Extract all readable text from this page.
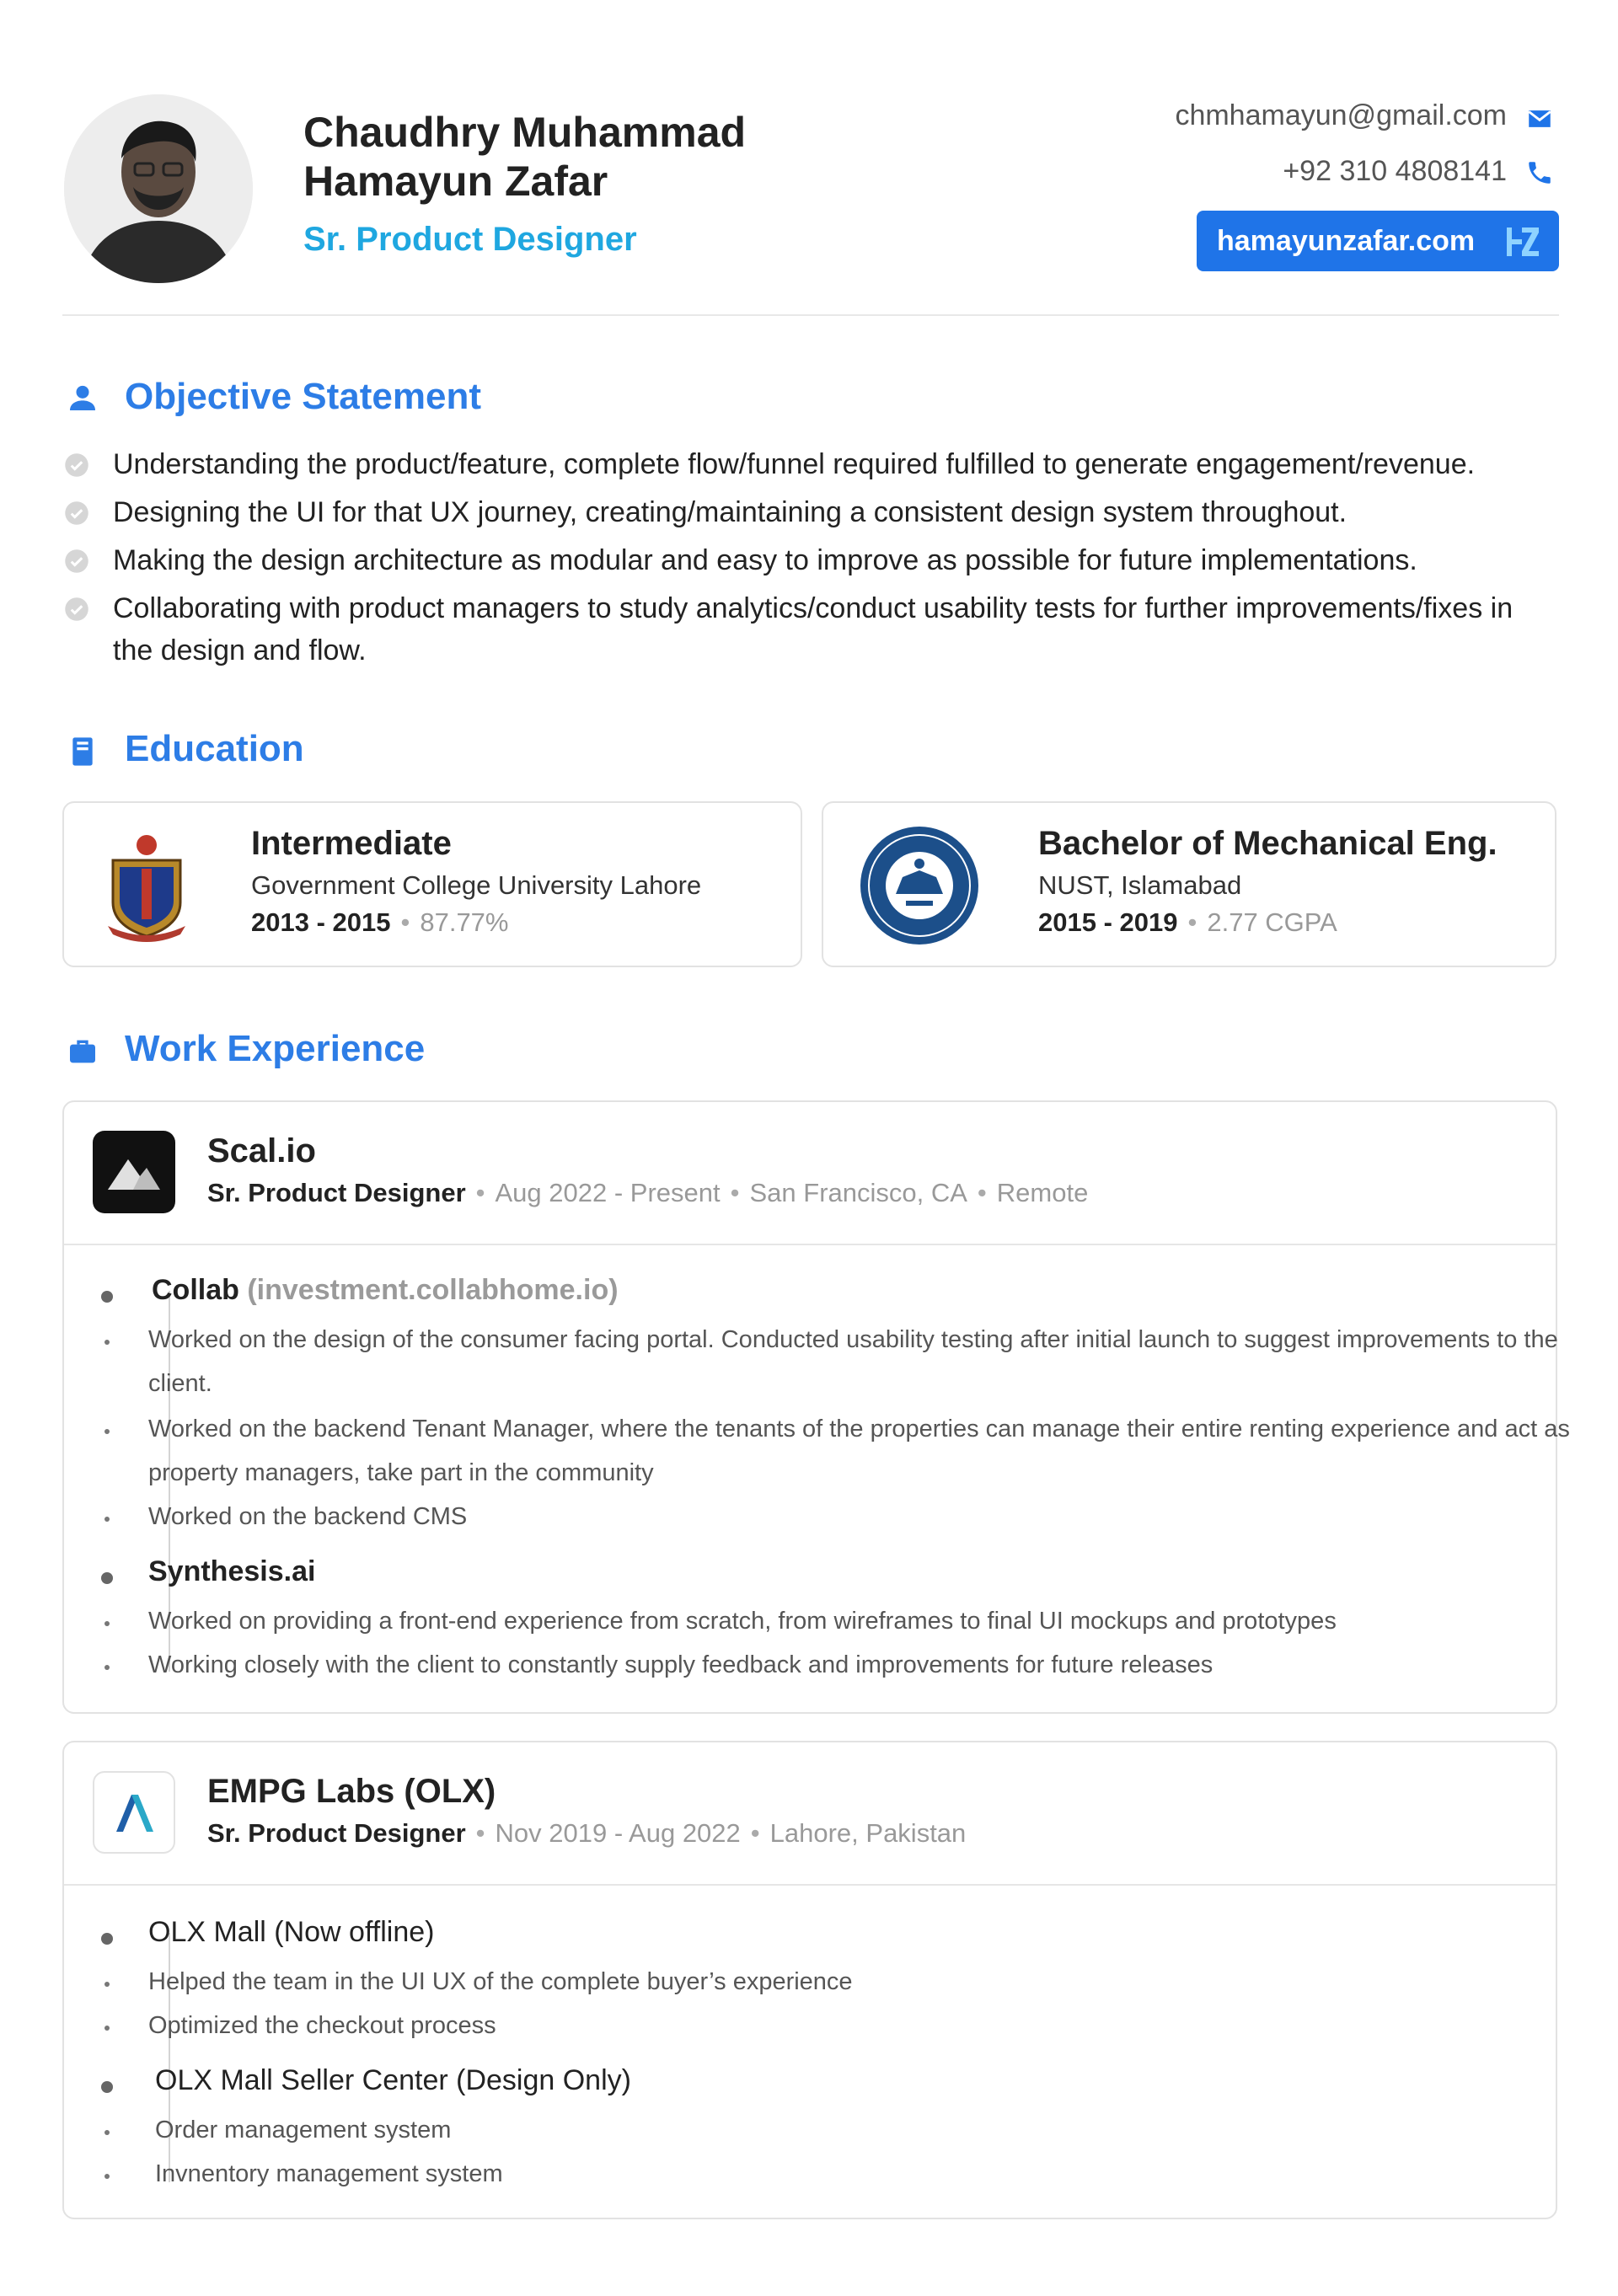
Chaudhry Muhammad
Hamayun Zafar
Sr. Product Designer
chmhamayun@gmail.com
+92 310 4808141
hamayunzafar.com
Objective Statement
Understanding the product/feature, complete flow/funnel required fulfilled to generate engagement/revenue.
Designing the UI for that UX journey, creating/maintaining a consistent design system throughout.
Making the design architecture as modular and easy to improve as possible for future implementations.
Collaborating with product managers to study analytics/conduct usability tests for further improvements/fixes in the design and flow.
Education
Intermediate
Government College University Lahore
2013 - 2015 • 87.77%
Bachelor of Mechanical Eng.
NUST, Islamabad
2015 - 2019 • 2.77 CGPA
Work Experience
Scal.io
Sr. Product Designer • Aug 2022 - Present • San Francisco, CA • Remote
Collab (investment.collabhome.io)
Worked on the design of the consumer facing portal. Conducted usability testing after initial launch to suggest improvements to the client.
Worked on the backend Tenant Manager, where the tenants of the properties can manage their entire renting experience and act as property managers, take part in the community
Worked on the backend CMS
Synthesis.ai
Worked on providing a front-end experience from scratch, from wireframes to final UI mockups and prototypes
Working closely with the client to constantly supply feedback and improvements for future releases
EMPG Labs (OLX)
Sr. Product Designer • Nov 2019 - Aug 2022 • Lahore, Pakistan
OLX Mall (Now offline)
Helped the team in the UI UX of the complete buyer’s experience
Optimized the checkout process
OLX Mall Seller Center (Design Only)
Order management system
Invnentory management system
